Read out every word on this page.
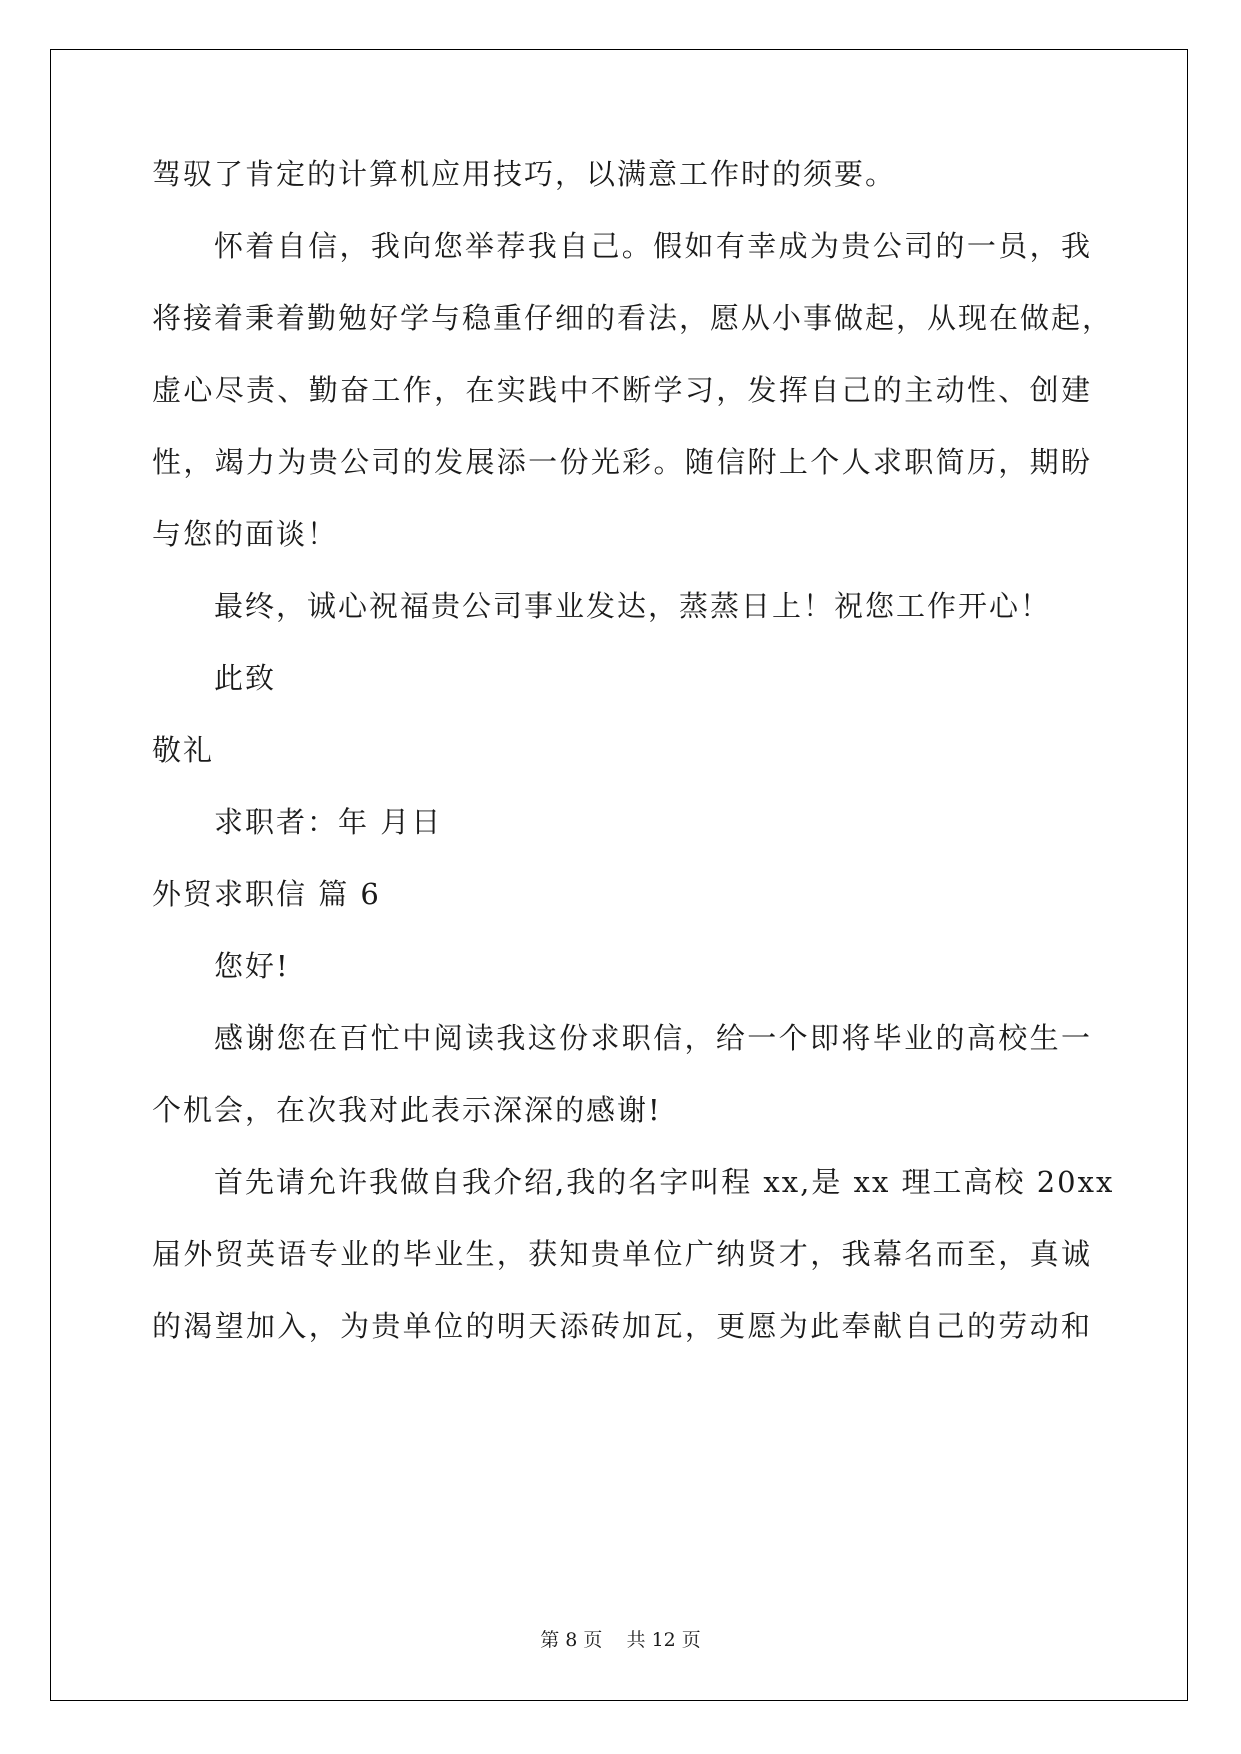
驾驭了肯定的计算机应用技巧，以满意工作时的须要。
怀着自信，我向您举荐我自己。假如有幸成为贵公司的一员，我
将接着秉着勤勉好学与稳重仔细的看法，愿从小事做起，从现在做起，
虚心尽责、勤奋工作，在实践中不断学习，发挥自己的主动性、创建
性，竭力为贵公司的发展添一份光彩。随信附上个人求职简历，期盼
与您的面谈！
最终，诚心祝福贵公司事业发达，蒸蒸日上！祝您工作开心！
此致
敬礼
求职者：年 月日
外贸求职信 篇 6
您好!
感谢您在百忙中阅读我这份求职信，给一个即将毕业的高校生一
个机会，在次我对此表示深深的感谢!
首先请允许我做自我介绍,我的名字叫程 xx,是 xx 理工高校 20xx
届外贸英语专业的毕业生，获知贵单位广纳贤才，我幕名而至，真诚
的渴望加入，为贵单位的明天添砖加瓦，更愿为此奉献自己的劳动和
第 8 页    共 12 页
